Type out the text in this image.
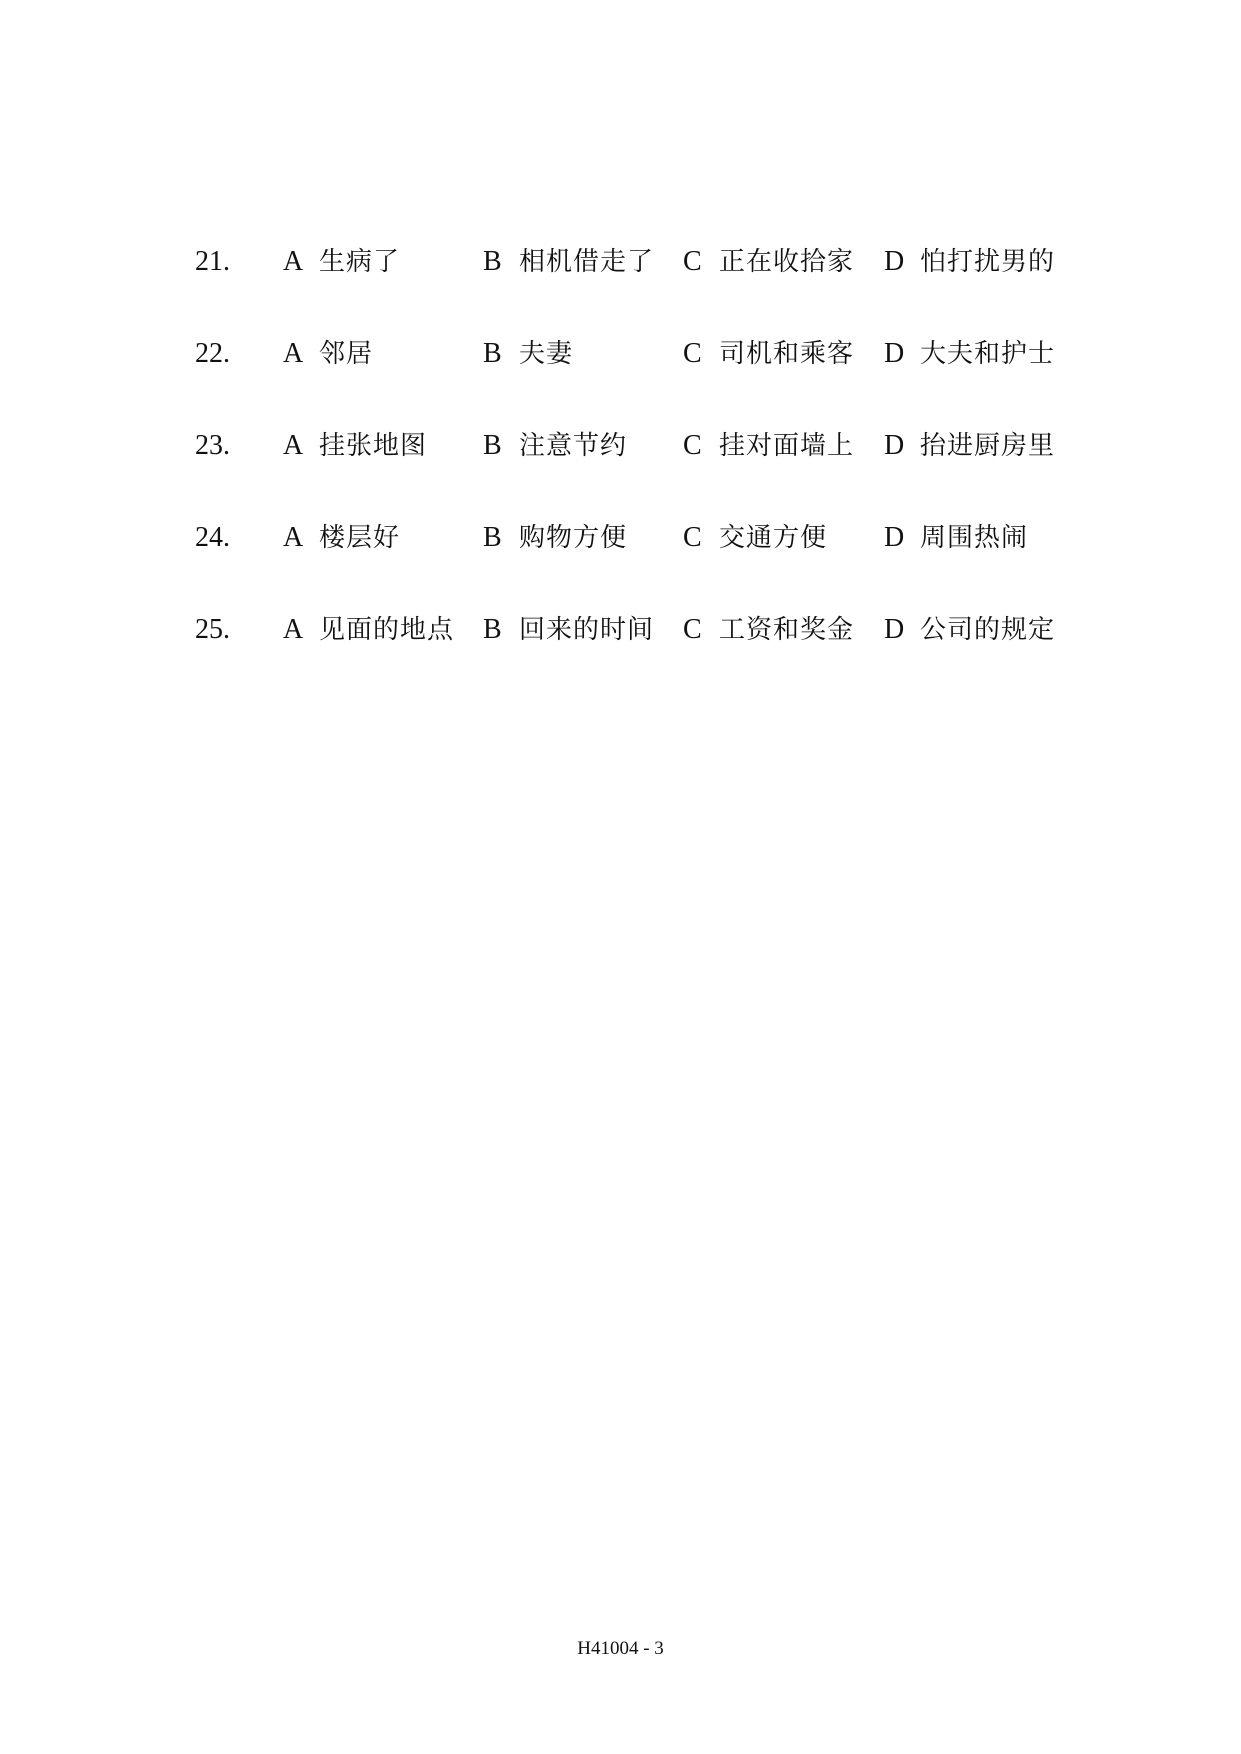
21. A 生病了	B 相机借走了 C 正在收拾家 D 怕打扰男的
22. A 邻居	B 夫妻	C 司机和乘客 D 大夫和护士
23. A 挂张地图 B 注意节约 C 挂对面墙上 D 抬进厨房里
24. A 楼层好	B 购物方便 C 交通方便 D 周围热闹
25. A 见面的地点 B 回来的时间 C 工资和奖金 D 公司的规定
H41004 - 3
